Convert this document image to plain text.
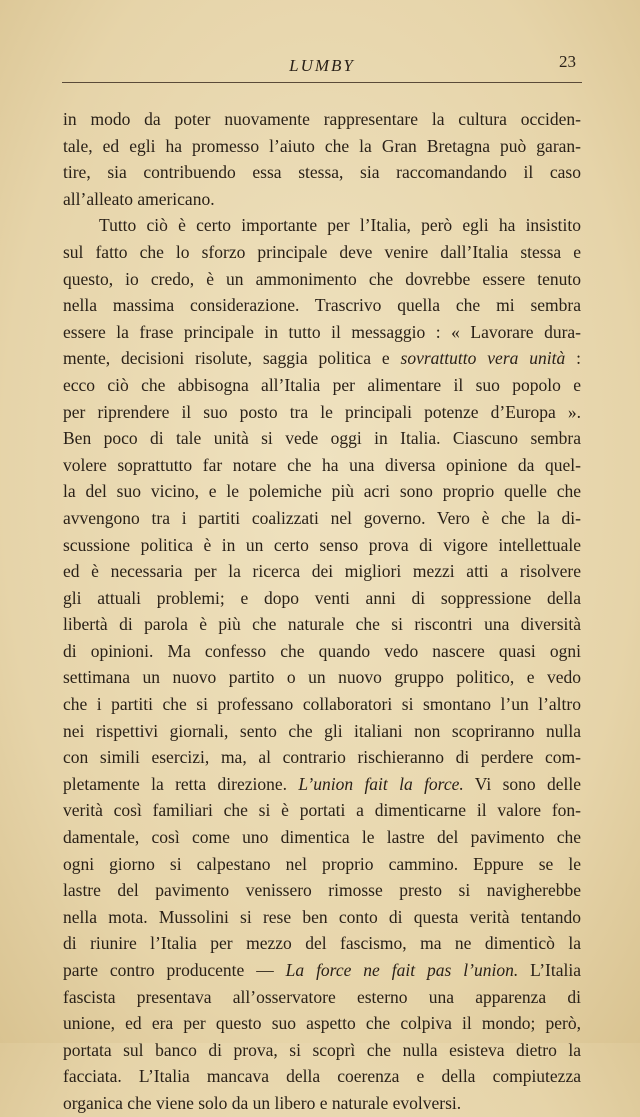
LUMBY	23
in modo da poter nuovamente rappresentare la cultura occiden-
tale, ed egli ha promesso l’aiuto che la Gran Bretagna può garan-
tire, sia contribuendo essa stessa, sia raccomandando il caso
all’alleato americano.
Tutto ciò è certo importante per l’Italia, però egli ha insistito
sul fatto che lo sforzo principale deve venire dall’Italia stessa e
questo, io credo, è un ammonimento che dovrebbe essere tenuto
nella massima considerazione. Trascrivo quella che mi sembra
essere la frase principale in tutto il messaggio : « Lavorare dura-
mente, decisioni risolute, saggia politica e sovrattutto vera unità :
ecco ciò che abbisogna all’Italia per alimentare il suo popolo e
per riprendere il suo posto tra le principali potenze d’Europa ».
Ben poco di tale unità si vede oggi in Italia. Ciascuno sembra
volere soprattutto far notare che ha una diversa opinione da quel-
la del suo vicino, e le polemiche più acri sono proprio quelle che
avvengono tra i partiti coalizzati nel governo. Vero è che la di-
scussione politica è in un certo senso prova di vigore intellettuale
ed è necessaria per la ricerca dei migliori mezzi atti a risolvere
gli attuali problemi; e dopo venti anni di soppressione della
libertà di parola è più che naturale che si riscontri una diversità
di opinioni. Ma confesso che quando vedo nascere quasi ogni
settimana un nuovo partito o un nuovo gruppo politico, e vedo
che i partiti che si professano collaboratori si smontano l’un l’altro
nei rispettivi giornali, sento che gli italiani non scopriranno nulla
con simili esercizi, ma, al contrario rischieranno di perdere com-
pletamente la retta direzione. L’union fait la force. Vi sono delle
verità così familiari che si è portati a dimenticarne il valore fon-
damentale, così come uno dimentica le lastre del pavimento che
ogni giorno si calpestano nel proprio cammino. Eppure se le
lastre del pavimento venissero rimosse presto si navigherebbe
nella mota. Mussolini si rese ben conto di questa verità tentando
di riunire l’Italia per mezzo del fascismo, ma ne dimenticò la
parte contro producente — La force ne fait pas l’union. L’Italia
fascista presentava all’osservatore esterno una apparenza di
unione, ed era per questo suo aspetto che colpiva il mondo; però,
portata sul banco di prova, si scoprì che nulla esisteva dietro la
facciata. L’Italia mancava della coerenza e della compiutezza
organica che viene solo da un libero e naturale evolversi.
